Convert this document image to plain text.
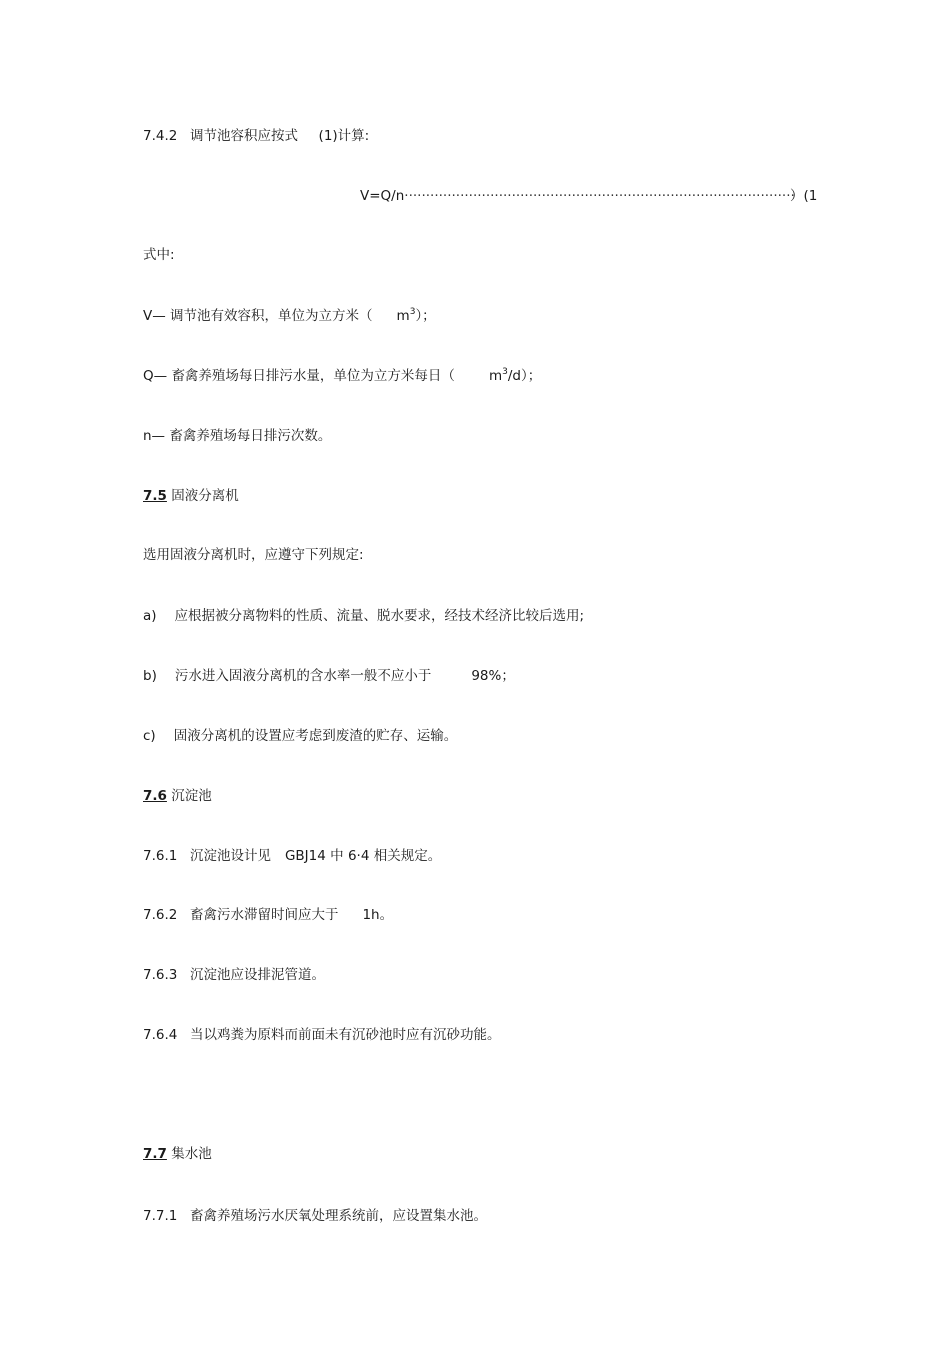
7.4.2 调节池容积应按式 (1)计算:
V=Q/n···························································································
）(1
式中:
V— 调节池有效容积，单位为立方米（ $m^3$）；
Q— 畜禽养殖场每日排污水量，单位为立方米每日（	$m^3/d$）；
n— 畜禽养殖场每日排污次数。
7.5 固液分离机
选用固液分离机时，应遵守下列规定:
a) 应根据被分离物料的性质、流量、脱水要求，经技术经济比较后选用;
b) 污水进入固液分离机的含水率一般不应小于	98%；
c) 固液分离机的设置应考虑到废渣的贮存、运输。
7.6 沉淀池
7.6.1 沉淀池设计见 GBJ14 中 6·4 相关规定。
7.6.2 畜禽污水滞留时间应大于 1h。
7.6.3 沉淀池应设排泥管道。
7.6.4 当以鸡粪为原料而前面未有沉砂池时应有沉砂功能。
7.7 集水池
7.7.1 畜禽养殖场污水厌氧处理系统前，应设置集水池。
